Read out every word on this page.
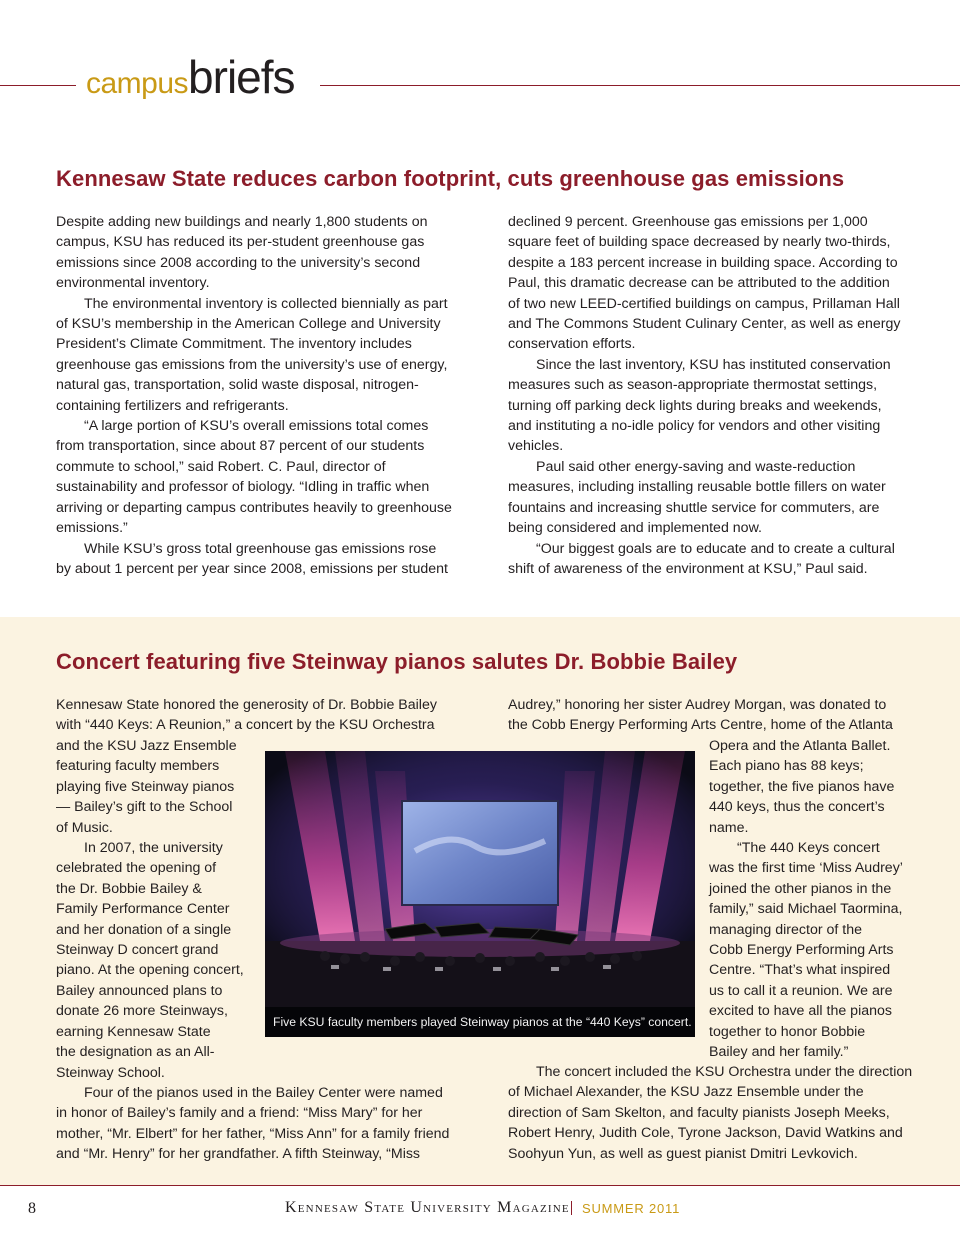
campusbriefs
Kennesaw State reduces carbon footprint, cuts greenhouse gas emissions
Despite adding new buildings and nearly 1,800 students on
campus, KSU has reduced its per-student greenhouse gas
emissions since 2008 according to the university’s second
environmental inventory.
The environmental inventory is collected biennially as part
of KSU’s membership in the American College and University
President’s Climate Commitment. The inventory includes
greenhouse gas emissions from the university’s use of energy,
natural gas, transportation, solid waste disposal, nitrogen-
containing fertilizers and refrigerants.
“A large portion of KSU’s overall emissions total comes
from transportation, since about 87 percent of our students
commute to school,” said Robert. C. Paul, director of
sustainability and professor of biology. “Idling in traffic when
arriving or departing campus contributes heavily to greenhouse
emissions.”
While KSU’s gross total greenhouse gas emissions rose
by about 1 percent per year since 2008, emissions per student
declined 9 percent. Greenhouse gas emissions per 1,000
square feet of building space decreased by nearly two-thirds,
despite a 183 percent increase in building space. According to
Paul, this dramatic decrease can be attributed to the addition
of two new LEED-certified buildings on campus, Prillaman Hall
and The Commons Student Culinary Center, as well as energy
conservation efforts.
Since the last inventory, KSU has instituted conservation
measures such as season-appropriate thermostat settings,
turning off parking deck lights during breaks and weekends,
and instituting a no-idle policy for vendors and other visiting
vehicles.
Paul said other energy-saving and waste-reduction
measures, including installing reusable bottle fillers on water
fountains and increasing shuttle service for commuters, are
being considered and implemented now.
“Our biggest goals are to educate and to create a cultural
shift of awareness of the environment at KSU,” Paul said.
Concert featuring five Steinway pianos salutes Dr. Bobbie Bailey
Kennesaw State honored the generosity of Dr. Bobbie Bailey
with “440 Keys: A Reunion,” a concert by the KSU Orchestra
and the KSU Jazz Ensemble
featuring faculty members
playing five Steinway pianos
— Bailey’s gift to the School
of Music.
In 2007, the university
celebrated the opening of
the Dr. Bobbie Bailey &
Family Performance Center
and her donation of a single
Steinway D concert grand
piano. At the opening concert,
Bailey announced plans to
donate 26 more Steinways,
earning Kennesaw State
the designation as an All-
Steinway School.
Four of the pianos used in the Bailey Center were named
in honor of Bailey’s family and a friend: “Miss Mary” for her
mother, “Mr. Elbert” for her father, “Miss Ann” for a family friend
and “Mr. Henry” for her grandfather. A fifth Steinway, “Miss
Audrey,” honoring her sister Audrey Morgan, was donated to
the Cobb Energy Performing Arts Centre, home of the Atlanta
Opera and the Atlanta Ballet.
Each piano has 88 keys;
together, the five pianos have
440 keys, thus the concert’s
name.
“The 440 Keys concert
was the first time ‘Miss Audrey’
joined the other pianos in the
family,” said Michael Taormina,
managing director of the
Cobb Energy Performing Arts
Centre. “That’s what inspired
us to call it a reunion. We are
excited to have all the pianos
together to honor Bobbie
Bailey and her family.”
The concert included the KSU Orchestra under the direction
of Michael Alexander, the KSU Jazz Ensemble under the
direction of Sam Skelton, and faculty pianists Joseph Meeks,
Robert Henry, Judith Cole, Tyrone Jackson, David Watkins and
Soohyun Yun, as well as guest pianist Dmitri Levkovich.
Five KSU faculty members played Steinway pianos at the “440 Keys” concert.
8	Kennesaw State University Magazine SUMMER 2011
